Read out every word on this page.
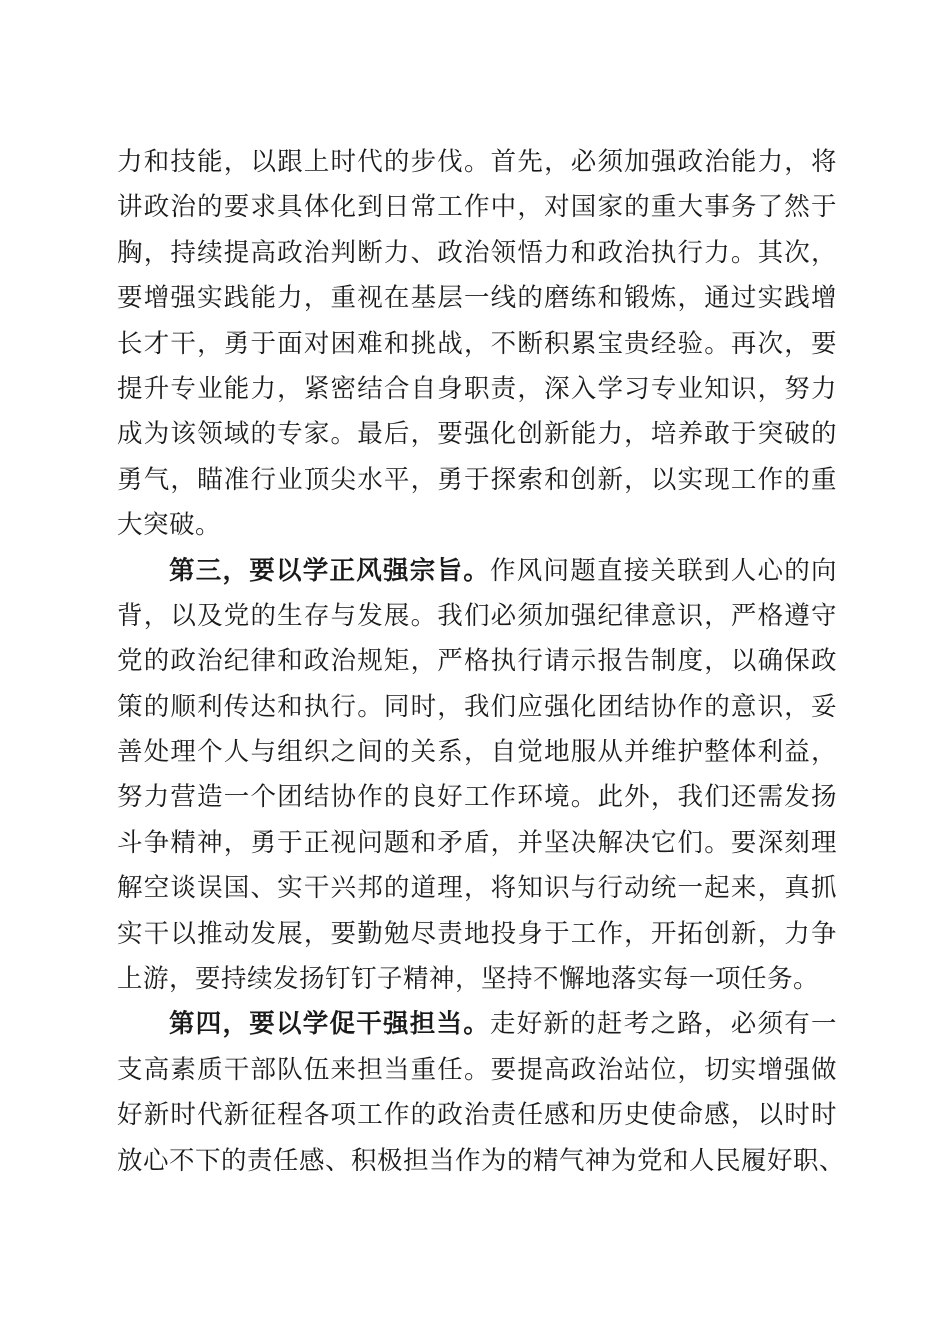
力和技能，以跟上时代的步伐。首先，必须加强政治能力，将
讲政治的要求具体化到日常工作中，对国家的重大事务了然于
胸，持续提高政治判断力、政治领悟力和政治执行力。其次，
要增强实践能力，重视在基层一线的磨练和锻炼，通过实践增
长才干，勇于面对困难和挑战，不断积累宝贵经验。再次，要
提升专业能力，紧密结合自身职责，深入学习专业知识，努力
成为该领域的专家。最后，要强化创新能力，培养敢于突破的
勇气，瞄准行业顶尖水平，勇于探索和创新，以实现工作的重
大突破。
第三，要以学正风强宗旨。作风问题直接关联到人心的向
背，以及党的生存与发展。我们必须加强纪律意识，严格遵守
党的政治纪律和政治规矩，严格执行请示报告制度，以确保政
策的顺利传达和执行。同时，我们应强化团结协作的意识，妥
善处理个人与组织之间的关系，自觉地服从并维护整体利益，
努力营造一个团结协作的良好工作环境。此外，我们还需发扬
斗争精神，勇于正视问题和矛盾，并坚决解决它们。要深刻理
解空谈误国、实干兴邦的道理，将知识与行动统一起来，真抓
实干以推动发展，要勤勉尽责地投身于工作，开拓创新，力争
上游，要持续发扬钉钉子精神，坚持不懈地落实每一项任务。
第四，要以学促干强担当。走好新的赶考之路，必须有一
支高素质干部队伍来担当重任。要提高政治站位，切实增强做
好新时代新征程各项工作的政治责任感和历史使命感，以时时
放心不下的责任感、积极担当作为的精气神为党和人民履好职、
